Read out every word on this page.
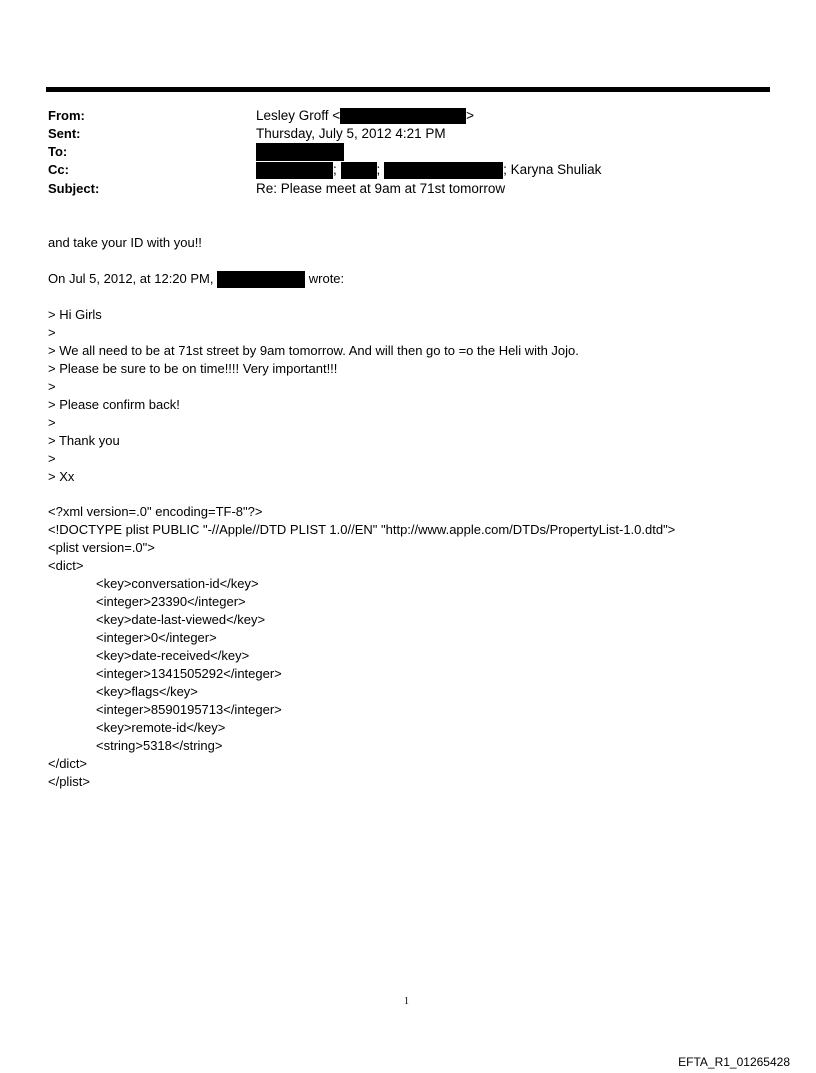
From:	Lesley Groff <	>
Sent:	Thursday, July 5, 2012 4:21 PM
To:
Cc:	;	;	; Karyna Shuliak
Subject:	Re: Please meet at 9am at 71st tomorrow
and take your ID with you!!
On Jul 5, 2012, at 12:20 PM,	wrote:
> Hi Girls
>
> We all need to be at 71st street by 9am tomorrow. And will then go to =o the Heli with Jojo.
> Please be sure to be on time!!!! Very important!!!
>
> Please confirm back!
>
> Thank you
>
> Xx
<?xml version=.0" encoding=TF-8"?>
<!DOCTYPE plist PUBLIC "-//Apple//DTD PLIST 1.0//EN" "http://www.apple.com/DTDs/PropertyList-1.0.dtd">
<plist version=.0">
<dict>
<key>conversation-id</key>
<integer>23390</integer>
<key>date-last-viewed</key>
<integer>0</integer>
<key>date-received</key>
<integer>1341505292</integer>
<key>flags</key>
<integer>8590195713</integer>
<key>remote-id</key>
<string>5318</string>
</dict>
</plist>
1
EFTA_R1_01265428
